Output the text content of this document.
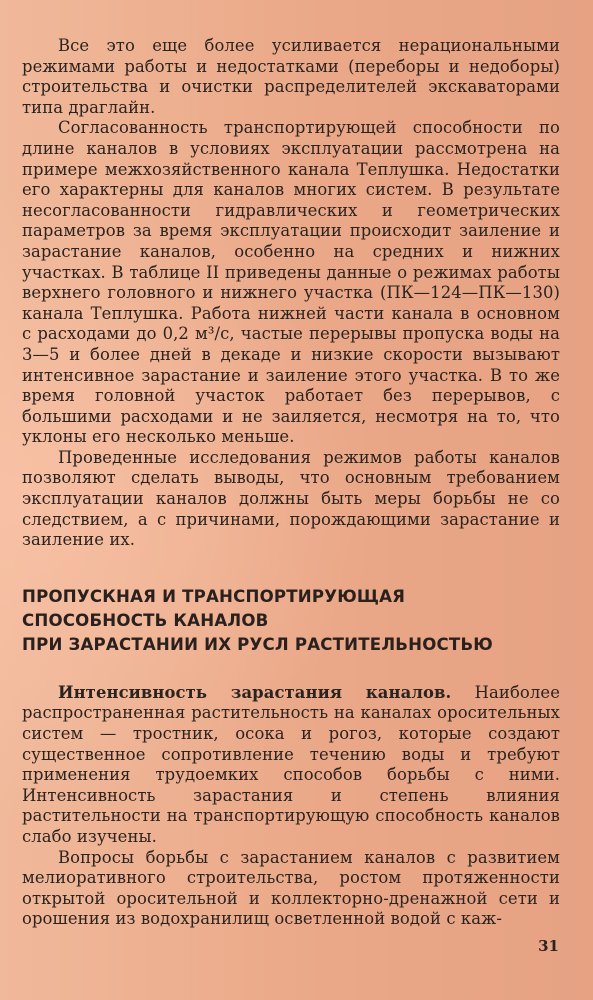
Все это еще более усиливается нерациональными режимами работы и недостатками (переборы и недоборы) строительства и очистки распределителей экскаваторами типа драглайн.

Согласованность транспортирующей способности по длине каналов в условиях эксплуатации рассмотрена на примере межхозяйственного канала Теплушка. Недостатки его характерны для каналов многих систем. В результате несогласованности гидравлических и геометрических параметров за время эксплуатации происходит заиление и зарастание каналов, особенно на средних и нижних участках. В таблице II приведены данные о режимах работы верхнего головного и нижнего участка (ПК—124—ПК—130) канала Теплушка. Работа нижней части канала в основном с расходами до 0,2 м³/с, частые перерывы пропуска воды на 3—5 и более дней в декаде и низкие скорости вызывают интенсивное зарастание и заиление этого участка. В то же время головной участок работает без перерывов, с большими расходами и не заиляется, несмотря на то, что уклоны его несколько меньше.

Проведенные исследования режимов работы каналов позволяют сделать выводы, что основным требованием эксплуатации каналов должны быть меры борьбы не со следствием, а с причинами, порождающими зарастание и заиление их.

ПРОПУСКНАЯ И ТРАНСПОРТИРУЮЩАЯ
СПОСОБНОСТЬ КАНАЛОВ
ПРИ ЗАРАСТАНИИ ИХ РУСЛ РАСТИТЕЛЬНОСТЬЮ

Интенсивность зарастания каналов. Наиболее распространенная растительность на каналах оросительных систем — тростник, осока и рогоз, которые создают существенное сопротивление течению воды и требуют применения трудоемких способов борьбы с ними. Интенсивность зарастания и степень влияния растительности на транспортирующую способность каналов слабо изучены.

Вопросы борьбы с зарастанием каналов с развитием мелиоративного строительства, ростом протяженности открытой оросительной и коллекторно-дренажной сети и орошения из водохранилищ осветленной водой с каж-

31
